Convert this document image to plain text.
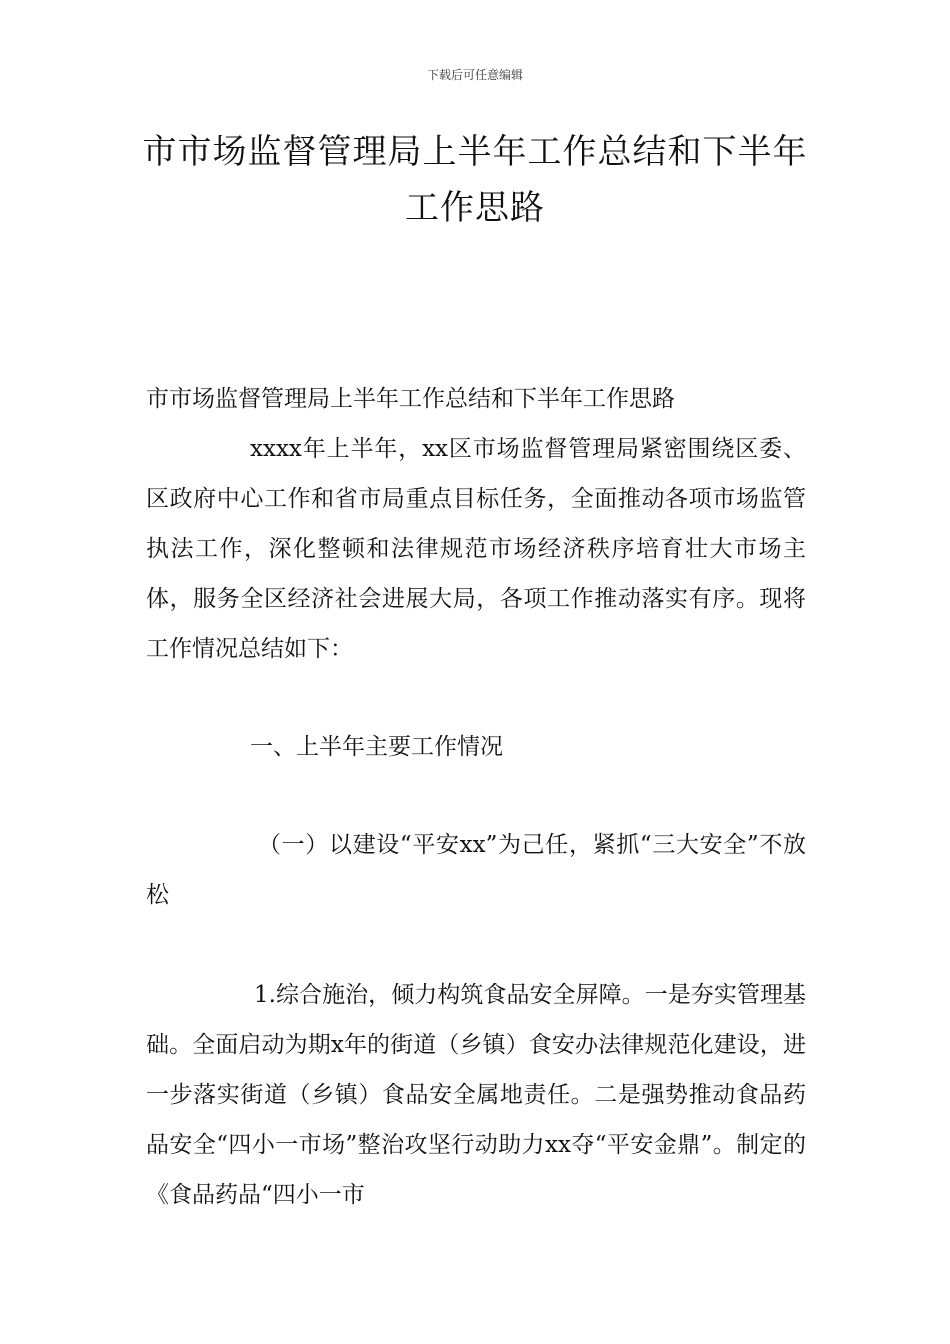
下载后可任意编辑
市市场监督管理局上半年工作总结和下半年工作思路

市市场监督管理局上半年工作总结和下半年工作思路

xxxx年上半年，xx区市场监督管理局紧密围绕区委、区政府中心工作和省市局重点目标任务，全面推动各项市场监管执法工作，深化整顿和法律规范市场经济秩序培育壮大市场主体，服务全区经济社会进展大局，各项工作推动落实有序。现将工作情况总结如下：

一、上半年主要工作情况

（一）以建设“平安xx”为己任，紧抓“三大安全”不放松

1.综合施治，倾力构筑食品安全屏障。一是夯实管理基础。全面启动为期x年的街道（乡镇）食安办法律规范化建设，进一步落实街道（乡镇）食品安全属地责任。二是强势推动食品药品安全“四小一市场”整治攻坚行动助力xx夺“平安金鼎”。制定的《食品药品“四小一市
